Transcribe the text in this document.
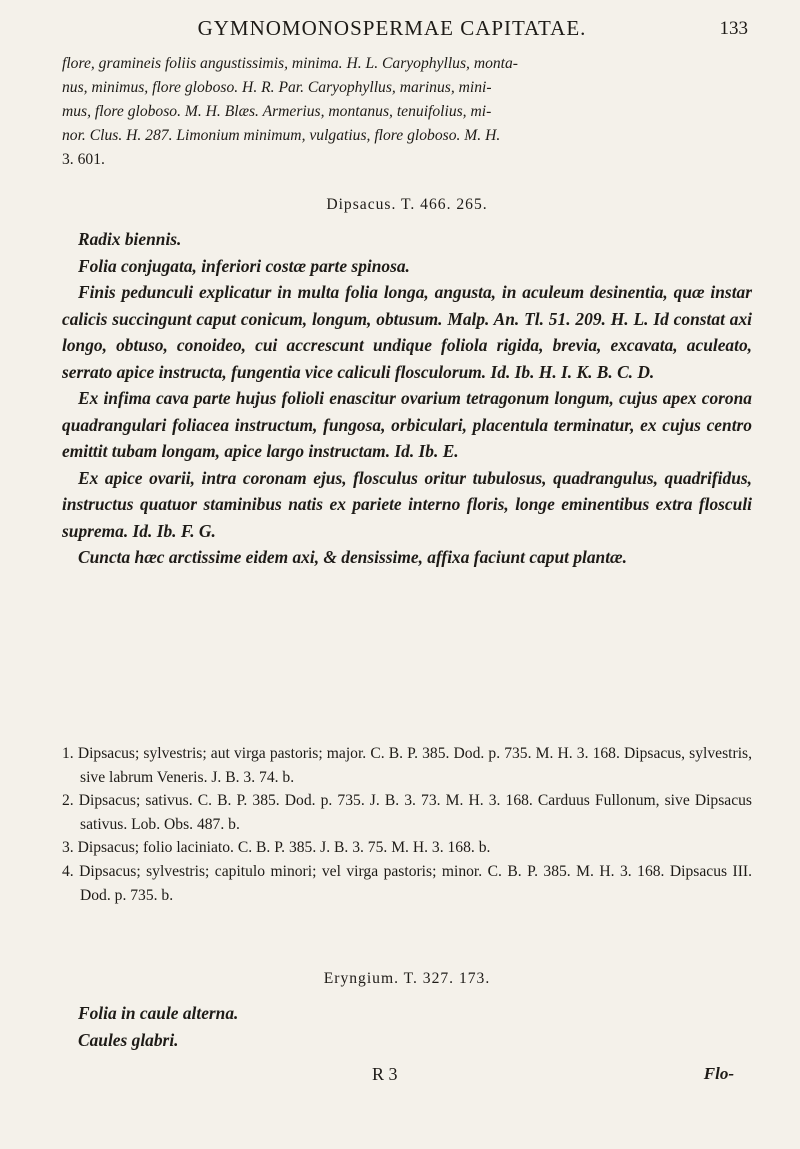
GYMNOMONOSPERMAE CAPITATAE.	133
flore, gramineis foliis angustissimis, minima. H. L. Caryophyllus, monta-
nus, minimus, flore globoso. H. R. Par. Caryophyllus, marinus, mini-
mus, flore globoso. M. H. Blæs. Armerius, montanus, tenuifolius, mi-
nor. Clus. H. 287. Limonium minimum, vulgatius, flore globoso. M. H.
3. 601.
Dipsacus. T. 466. 265.

Radix biennis.

Folia conjugata, inferiori costæ parte spinosa.

Finis pedunculi explicatur in multa folia longa, angusta, in aculeum desinentia, quæ instar calicis succingunt caput conicum, longum, obtusum. Malp. An. Tl. 51. 209. H. L. Id constat axi longo, obtuso, conoideo, cui accrescunt undique foliola rigida, brevia, excavata, aculeato, serrato apice instructa, fungentia vice caliculi flosculorum. Id. Ib. H. I. K. B. C. D.

Ex infima cava parte hujus folioli enascitur ovarium tetragonum longum, cujus apex corona quadrangulari foliacea instructum, fungosa, orbiculari, placentula terminatur, ex cujus centro emittit tubam longam, apice largo instructam. Id. Ib. E.

Ex apice ovarii, intra coronam ejus, flosculus oritur tubulosus, quadrangulus, quadrifidus, instructus quatuor staminibus natis ex pariete interno floris, longe eminentibus extra flosculi suprema. Id. Ib. F. G.

Cuncta hæc arctissime eidem axi, & densissime, affixa faciunt caput plantæ.

1. Dipsacus; sylvestris; aut virga pastoris; major. C. B. P. 385. Dod. p. 735. M. H. 3. 168. Dipsacus, sylvestris, sive labrum Veneris. J. B. 3. 74. b.

2. Dipsacus; sativus. C. B. P. 385. Dod. p. 735. J. B. 3. 73. M. H. 3. 168. Carduus Fullonum, sive Dipsacus sativus. Lob. Obs. 487. b.

3. Dipsacus; folio laciniato. C. B. P. 385. J. B. 3. 75. M. H. 3. 168. b.

4. Dipsacus; sylvestris; capitulo minori; vel virga pastoris; minor. C. B. P. 385. M. H. 3. 168. Dipsacus III. Dod. p. 735. b.

Eryngium. T. 327. 173.

Folia in caule alterna.

Caules glabri.

R 3	Flo-
